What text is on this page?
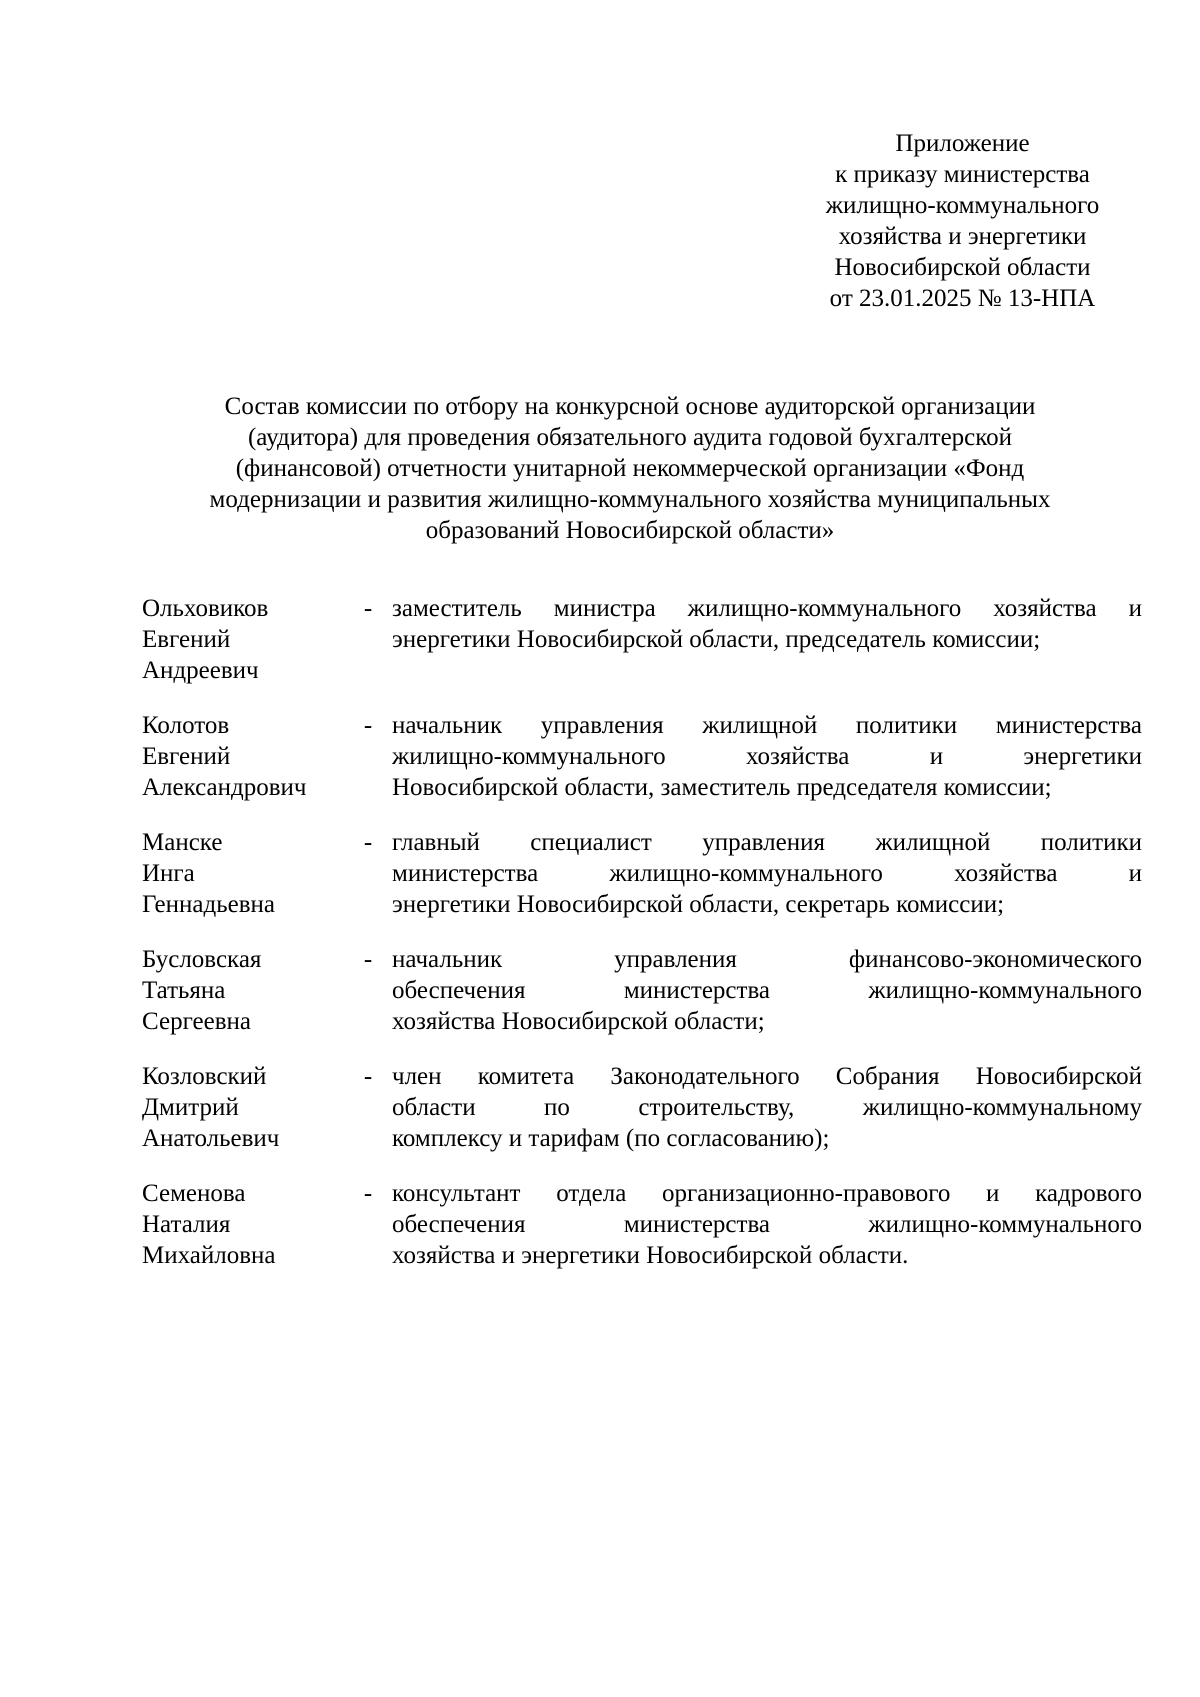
Приложение
к приказу министерства
жилищно-коммунального
хозяйства и энергетики
Новосибирской области
от 23.01.2025 № 13-НПА
Состав комиссии по отбору на конкурсной основе аудиторской организации
(аудитора) для проведения обязательного аудита годовой бухгалтерской
(финансовой) отчетности унитарной некоммерческой организации «Фонд
модернизации и развития жилищно-коммунального хозяйства муниципальных
образований Новосибирской области»
Ольховиков
Евгений
Андреевич
- заместитель министра жилищно-коммунального хозяйства и
энергетики Новосибирской области, председатель комиссии;
Колотов
Евгений
Александрович
- начальник управления жилищной политики министерства
жилищно-коммунального хозяйства и энергетики
Новосибирской области, заместитель председателя комиссии;
Манске
Инга
Геннадьевна
- главный специалист управления жилищной политики
министерства жилищно-коммунального хозяйства и
энергетики Новосибирской области, секретарь комиссии;
Бусловская
Татьяна
Сергеевна
- начальник управления финансово-экономического
обеспечения министерства жилищно-коммунального
хозяйства Новосибирской области;
Козловский
Дмитрий
Анатольевич
- член комитета Законодательного Собрания Новосибирской
области по строительству, жилищно-коммунальному
комплексу и тарифам (по согласованию);
Семенова
Наталия
Михайловна
- консультант отдела организационно-правового и кадрового
обеспечения министерства жилищно-коммунального
хозяйства и энергетики Новосибирской области.
